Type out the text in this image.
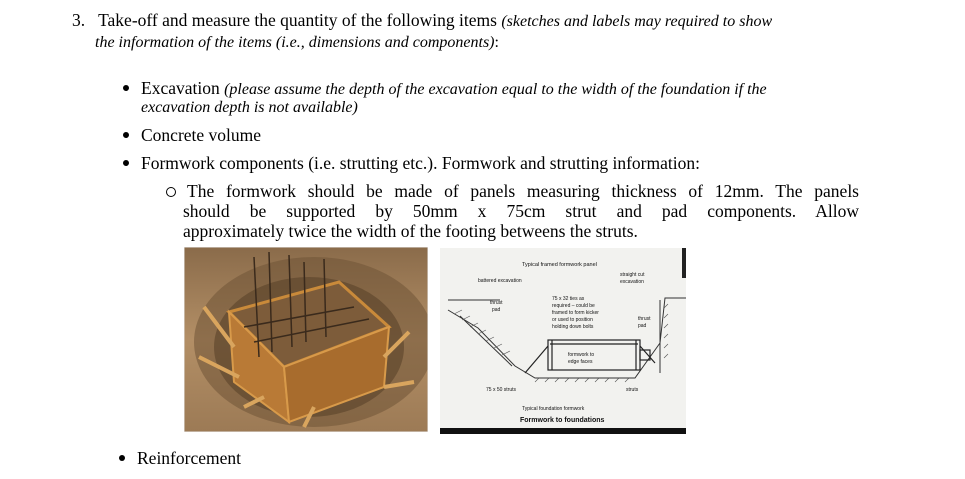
3. Take-off and measure the quantity of the following items (sketches and labels may required to show
the information of the items (i.e., dimensions and components):
Excavation (please assume the depth of the excavation equal to the width of the foundation if the
excavation depth is not available)
Concrete volume
Formwork components (i.e. strutting etc.). Formwork and strutting information:
The formwork should be made of panels measuring thickness of 12mm. The panels
should be supported by 50mm x 75cm strut and pad components. Allow
approximately twice the width of the footing betweens the struts.
Typical framed formwork panel
battered excavation
straight cut
excavation
thrust
pad
75 x 32 ties as
required – could be
framed to form kicker
or used to position
holding down bolts
thrust
pad
formwork to
edge faces
75 x 50 struts	struts
Typical foundation formwork
Formwork to foundations
Reinforcement
